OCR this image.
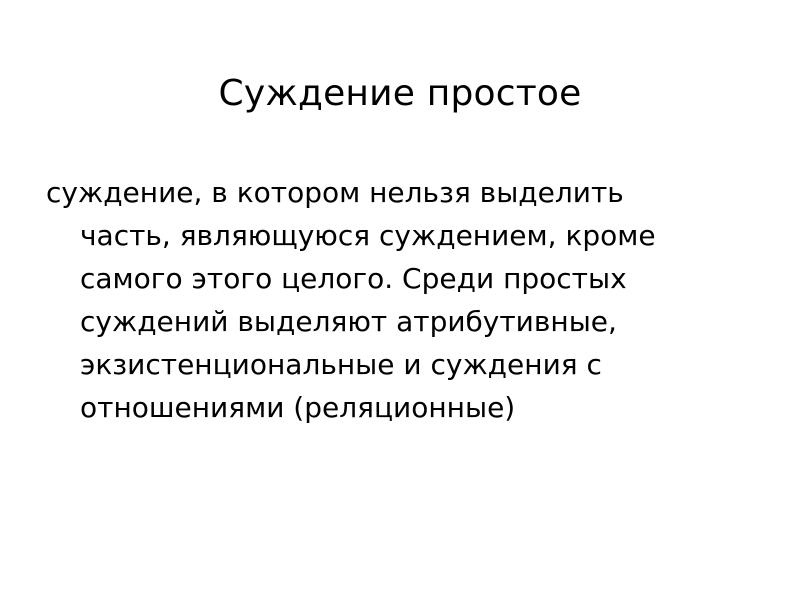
Суждение простое

суждение, в котором нельзя выделить часть, являющуюся суждением, кроме самого этого целого. Среди простых суждений выделяют атрибутивные, экзистенциональные и суждения с отношениями (реляционные)
